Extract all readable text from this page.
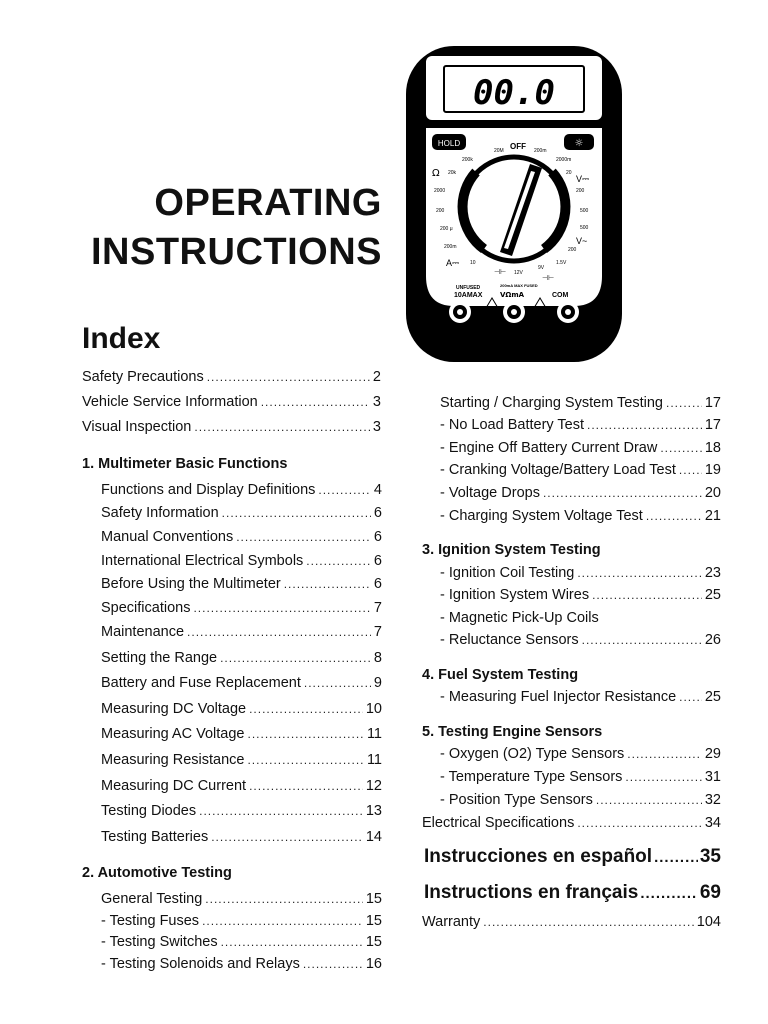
OPERATING
INSTRUCTIONS
Index
00.0
HOLD	☼
OFF
20M	200m
200k	2000m
Ω 20k	20
V⎓
2000	200
200	500
200 μ	500
200m
V~
200
A⎓ 10	1.5V
⊣⊢ 12V
9V
⊣⊢
UNFUSED
10AMAX
200mA MAX FUSED
VΩmA	COM
Safety Precautions .....	2
Vehicle Service Information .....	3
Visual Inspection .....	3
1. Multimeter Basic Functions
Functions and Display Definitions .....	4
Safety Information .....	6
Manual Conventions .....	6
International Electrical Symbols .....	6
Before Using the Multimeter .....	6
Specifications .....	7
Maintenance .....	7
Setting the Range .....	8
Battery and Fuse Replacement .....	9
Measuring DC Voltage .....	10
Measuring AC Voltage .....	11
Measuring Resistance .....	11
Measuring DC Current .....	12
Testing Diodes .....	13
Testing Batteries .....	14
2. Automotive Testing
General Testing .....	15
- Testing Fuses .....	15
- Testing Switches .....	15
- Testing Solenoids and Relays .....	16
Starting / Charging System Testing .....	17
- No Load Battery Test .....	17
- Engine Off Battery Current Draw .....	18
- Cranking Voltage/Battery Load Test ..... 19
- Voltage Drops .....	20
- Charging System Voltage Test .....	21
3. Ignition System Testing
- Ignition Coil Testing .....	23
- Ignition System Wires .....	25
- Magnetic Pick-Up Coils
- Reluctance Sensors .....	26
4. Fuel System Testing
- Measuring Fuel Injector Resistance ..... 25
5. Testing Engine Sensors
- Oxygen (O2) Type Sensors .....	29
- Temperature Type Sensors .....	31
- Position Type Sensors .....	32
Electrical Specifications .....	34
Instrucciones en español .....	35
Instructions en français .....	69
Warranty .....	104
